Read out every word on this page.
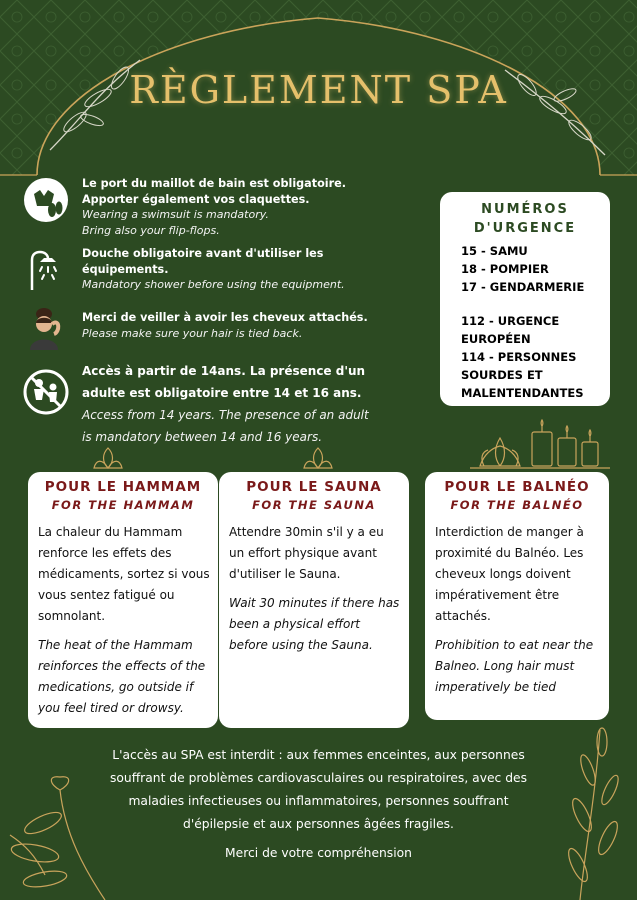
RÈGLEMENT SPA
Le port du maillot de bain est obligatoire.
Apporter également vos claquettes.
Wearing a swimsuit is mandatory.
Bring also your flip-flops.
Douche obligatoire avant d'utiliser les
équipements.
Mandatory shower before using the equipment.
Merci de veiller à avoir les cheveux attachés.
Please make sure your hair is tied back.
Accès à partir de 14ans. La présence d'un
adulte est obligatoire entre 14 et 16 ans.
Access from 14 years. The presence of an adult
is mandatory between 14 and 16 years.
NUMÉROS
D'URGENCE

15 - SAMU

18 - POMPIER

17 - GENDARMERIE

112 - URGENCE

EUROPÉEN

114 - PERSONNES

SOURDES ET

MALENTENDANTES

POUR LE HAMMAM
FOR THE HAMMAM
La chaleur du Hammam renforce les effets des médicaments, sortez si vous vous sentez fatigué ou somnolant.
The heat of the Hammam reinforces the effects of the medications, go outside if you feel tired or drowsy.
POUR LE SAUNA
FOR THE SAUNA
Attendre 30min s'il y a eu un effort physique avant d'utiliser le Sauna.
Wait 30 minutes if there has been a physical effort before using the Sauna.
POUR LE BALNÉO
FOR THE BALNÉO
Interdiction de manger à proximité du Balnéo. Les cheveux longs doivent impérativement être attachés.
Prohibition to eat near the Balneo. Long hair must imperatively be tied
L'accès au SPA est interdit : aux femmes enceintes, aux personnes
souffrant de problèmes cardiovasculaires ou respiratoires, avec des
maladies infectieuses ou inflammatoires, personnes souffrant
d'épilepsie et aux personnes âgées fragiles.
Merci de votre compréhension
